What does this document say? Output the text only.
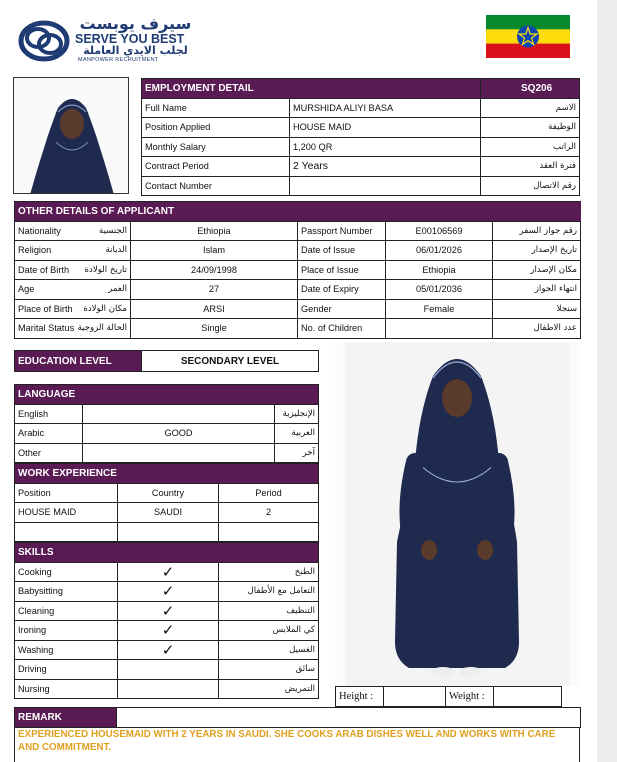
سيرف يوبست
SERVE YOU BEST
لجلب الايدي العاملة
MANPOWER RECRUITMENT
EMPLOYMENT DETAIL		SQ206
Full Name	MURSHIDA ALIYI BASA	الاسم
Position Applied	HOUSE MAID	الوظيفة
Monthly Salary	1,200 QR	الراتب
Contract Period	2 Years	فترة العقد
Contact Number		رقم الاتصال
OTHER DETAILS OF APPLICANT					
Nationality	الجنسية	Ethiopia	Passport Number	E00106569	رقم جواز السفر
Religion	الديانة	Islam	Date of Issue	06/01/2026	تاريخ الإصدار
Date of Birth	تاريخ الولادة	24/09/1998	Place of Issue	Ethiopia	مكان الإصدار
Age	العمر	27	Date of Expiry	05/01/2036	انتهاء الجواز
Place of Birth	مكان الولادة	ARSI	Gender	Female	سنجلا
Marital Status	الحالة الزوجية	Single	No. of Children		عدد الاطفال
EDUCATION LEVEL	SECONDARY LEVEL
LANGUAGE		
English		الإنجليزية
Arabic	GOOD	العربية
Other		آخر
WORK EXPERIENCE		
Position	Country	Period
HOUSE MAID	SAUDI	2

SKILLS		
Cooking	✓	الطبخ
Babysitting	✓	التعامل مع الأطفال
Cleaning	✓	التنظيف
Ironing	✓	كي الملابس
Washing	✓	الغسيل
Driving		سائق
Nursing		التمريض
Height :		Weight :	
REMARK	
EXPERIENCED HOUSEMAID WITH 2 YEARS IN SAUDI. SHE COOKS ARAB DISHES WELL AND WORKS WITH CARE AND COMMITMENT.
